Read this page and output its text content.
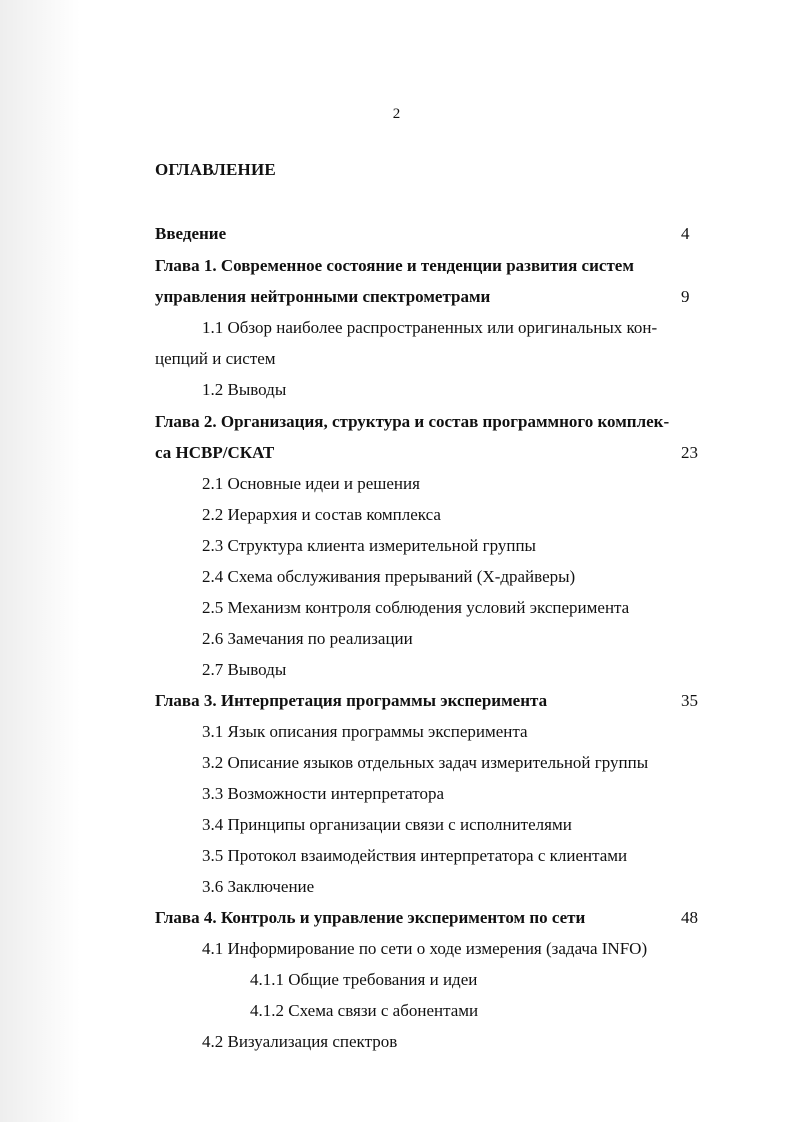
2
ОГЛАВЛЕНИЕ
Введение	4
Глава 1. Современное состояние и тенденции развития систем
управления нейтронными спектрометрами	9
1.1 Обзор наиболее распространенных или оригинальных кон-
цепций и систем
1.2 Выводы
Глава 2. Организация, структура и состав программного комплек-
са НСВР/СКАТ	23
2.1 Основные идеи и решения
2.2 Иерархия и состав комплекса
2.3 Структура клиента измерительной группы
2.4 Схема обслуживания прерываний (X-драйверы)
2.5 Механизм контроля соблюдения условий эксперимента
2.6 Замечания по реализации
2.7 Выводы
Глава 3. Интерпретация программы эксперимента	35
3.1 Язык описания программы эксперимента
3.2 Описание языков отдельных задач измерительной группы
3.3 Возможности интерпретатора
3.4 Принципы организации связи с исполнителями
3.5 Протокол взаимодействия интерпретатора с клиентами
3.6 Заключение
Глава 4. Контроль и управление экспериментом по сети	48
4.1 Информирование по сети о ходе измерения (задача INFO)
4.1.1 Общие требования и идеи
4.1.2 Схема связи с абонентами
4.2 Визуализация спектров
